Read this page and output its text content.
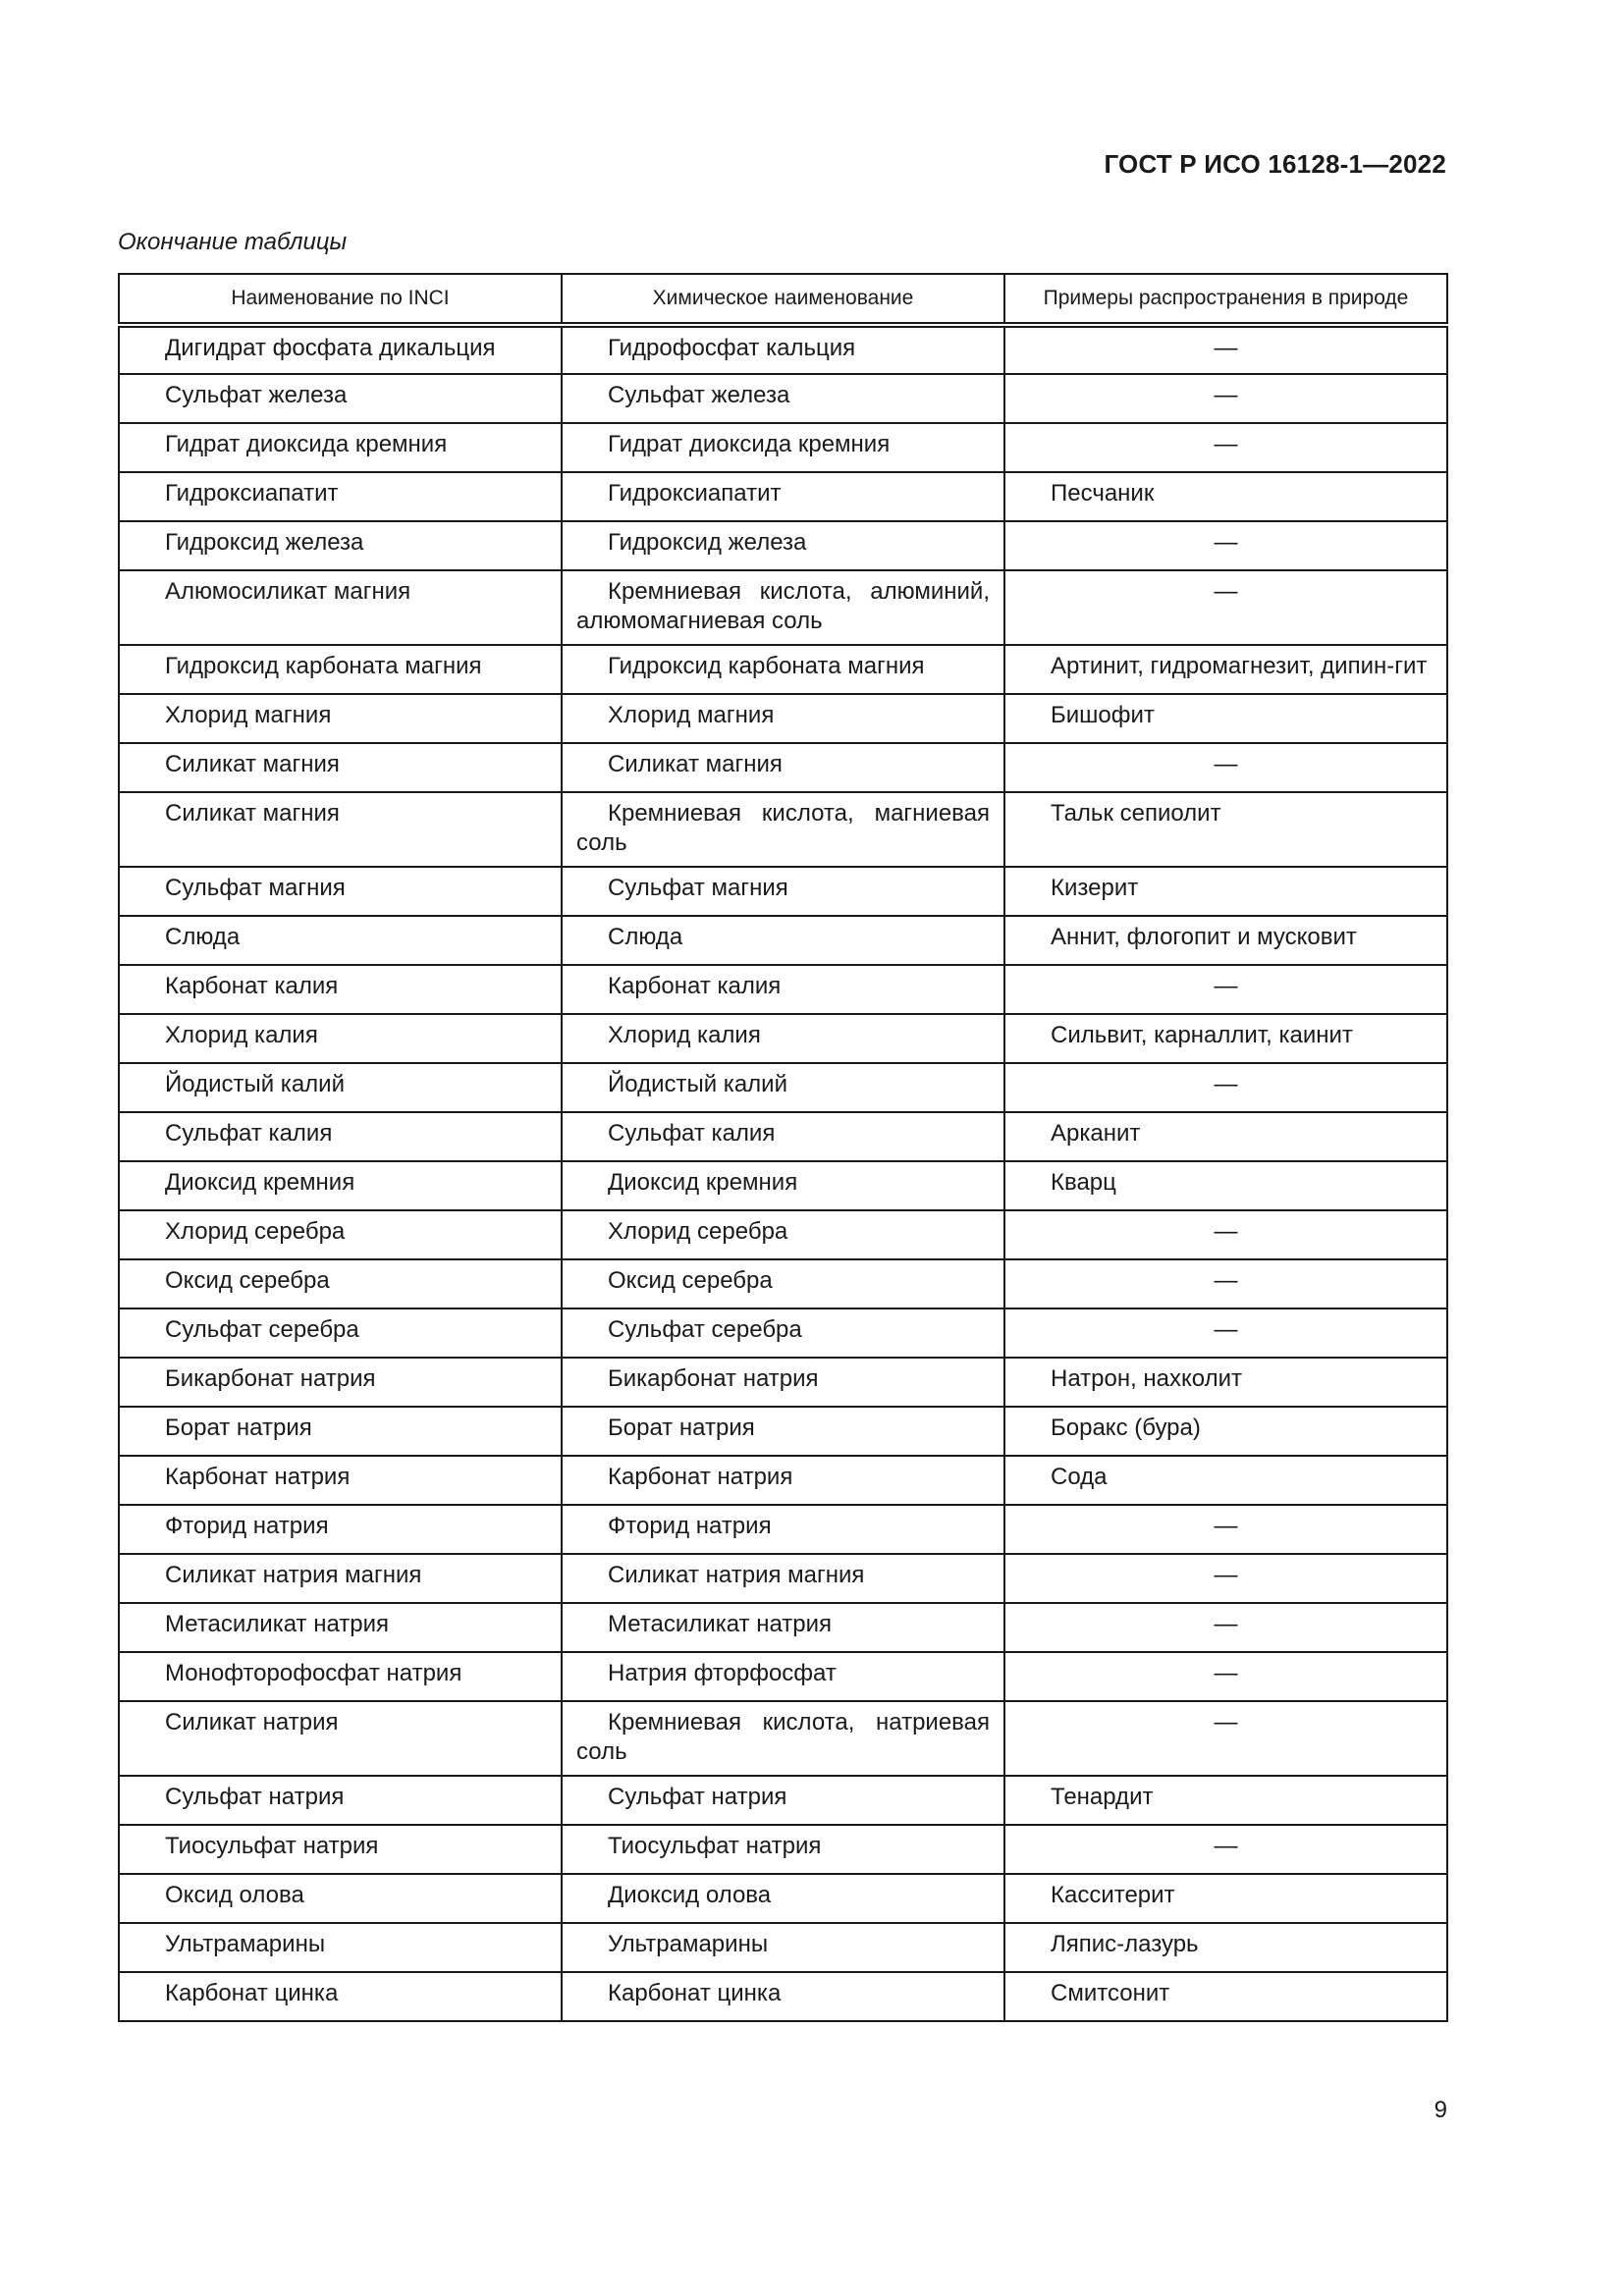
ГОСТ Р ИСО 16128-1—2022
Окончание таблицы
Наименование по INCI	Химическое наименование	Примеры распространения в природе
Дигидрат фосфата дикальция	Гидрофосфат кальция	—
Сульфат железа	Сульфат железа	—
Гидрат диоксида кремния	Гидрат диоксида кремния	—
Гидроксиапатит	Гидроксиапатит	Песчаник
Гидроксид железа	Гидроксид железа	—
Алюмосиликат магния	Кремниевая кислота, алюминий, алюмомагниевая соль	—
Гидроксид карбоната магния	Гидроксид карбоната магния	Артинит, гидромагнезит, дипин-гит
Хлорид магния	Хлорид магния	Бишофит
Силикат магния	Силикат магния	—
Силикат магния	Кремниевая кислота, магниевая соль	Тальк сепиолит
Сульфат магния	Сульфат магния	Кизерит
Слюда	Слюда	Аннит, флогопит и мусковит
Карбонат калия	Карбонат калия	—
Хлорид калия	Хлорид калия	Сильвит, карналлит, каинит
Йодистый калий	Йодистый калий	—
Сульфат калия	Сульфат калия	Арканит
Диоксид кремния	Диоксид кремния	Кварц
Хлорид серебра	Хлорид серебра	—
Оксид серебра	Оксид серебра	—
Сульфат серебра	Сульфат серебра	—
Бикарбонат натрия	Бикарбонат натрия	Натрон, нахколит
Борат натрия	Борат натрия	Боракс (бура)
Карбонат натрия	Карбонат натрия	Сода
Фторид натрия	Фторид натрия	—
Силикат натрия магния	Силикат натрия магния	—
Метасиликат натрия	Метасиликат натрия	—
Монофторофосфат натрия	Натрия фторфосфат	—
Силикат натрия	Кремниевая кислота, натриевая соль	—
Сульфат натрия	Сульфат натрия	Тенардит
Тиосульфат натрия	Тиосульфат натрия	—
Оксид олова	Диоксид олова	Касситерит
Ультрамарины	Ультрамарины	Ляпис-лазурь
Карбонат цинка	Карбонат цинка	Смитсонит
9
